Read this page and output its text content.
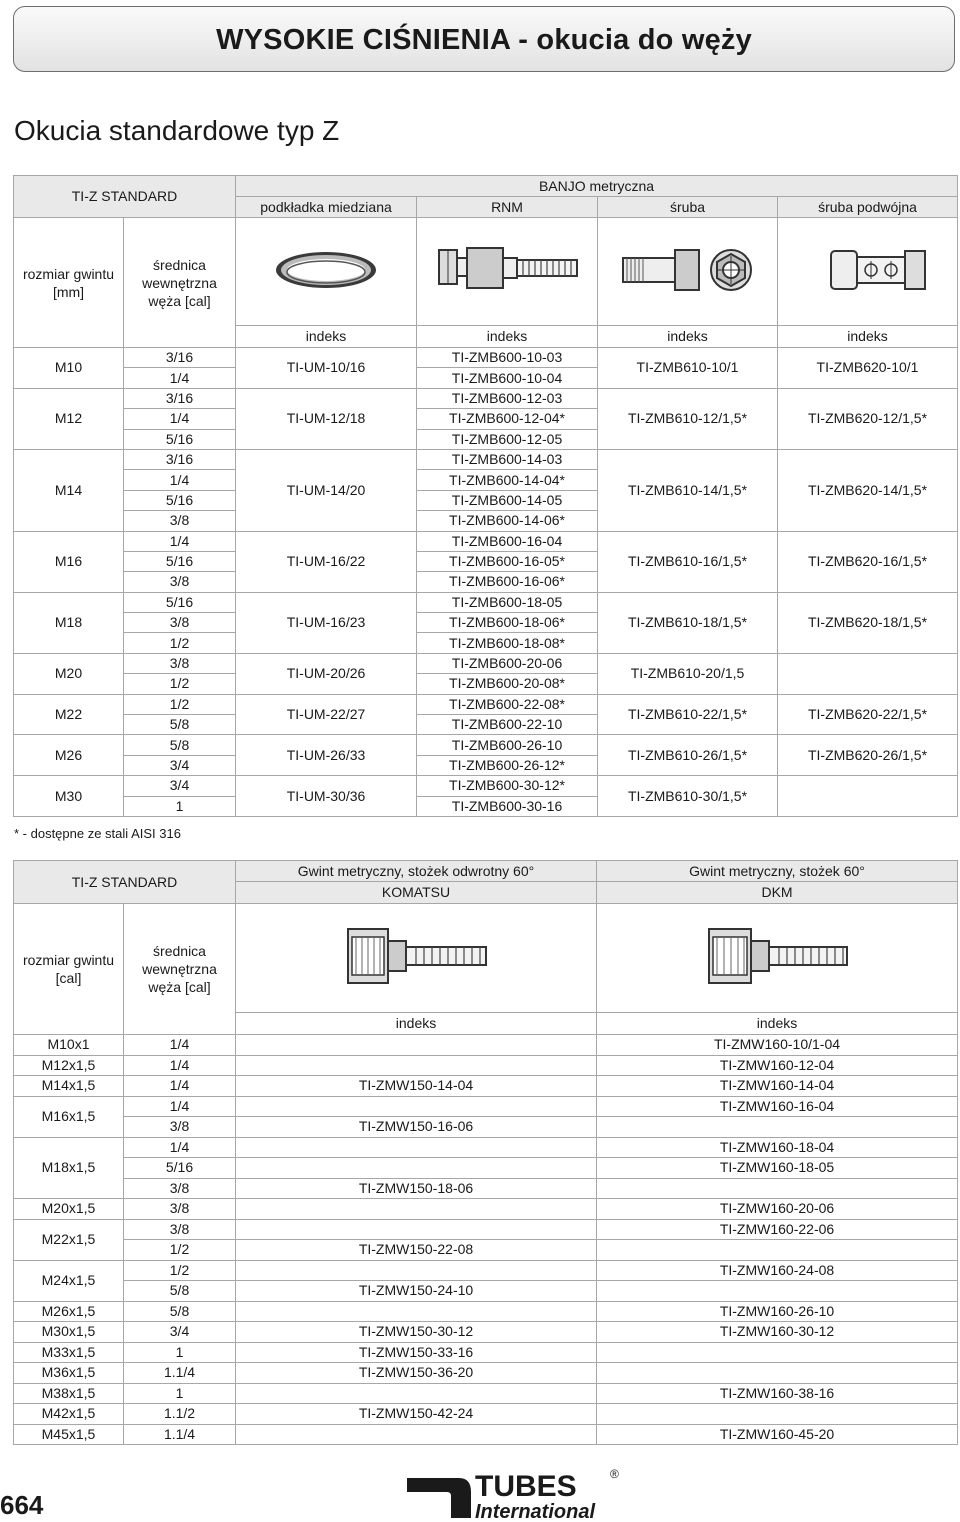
WYSOKIE CIŚNIENIA - okucia do węży
Okucia standardowe typ Z
TI-Z STANDARD		BANJO metryczna			
		podkładka miedziana	RNM	śruba	śruba podwójna
rozmiar gwintu [mm]	średnica wewnętrzna węża [cal]				
		indeks	indeks	indeks	indeks
M10	3/16	TI-UM-10/16	TI-ZMB600-10-03	TI-ZMB610-10/1	TI-ZMB620-10/1
	1/4		TI-ZMB600-10-04		
M12	3/16	TI-UM-12/18	TI-ZMB600-12-03	TI-ZMB610-12/1,5*	TI-ZMB620-12/1,5*
	1/4		TI-ZMB600-12-04*		
	5/16		TI-ZMB600-12-05		
M14	3/16	TI-UM-14/20	TI-ZMB600-14-03	TI-ZMB610-14/1,5*	TI-ZMB620-14/1,5*
	1/4		TI-ZMB600-14-04*		
	5/16		TI-ZMB600-14-05		
	3/8		TI-ZMB600-14-06*		
M16	1/4	TI-UM-16/22	TI-ZMB600-16-04	TI-ZMB610-16/1,5*	TI-ZMB620-16/1,5*
	5/16		TI-ZMB600-16-05*		
	3/8		TI-ZMB600-16-06*		
M18	5/16	TI-UM-16/23	TI-ZMB600-18-05	TI-ZMB610-18/1,5*	TI-ZMB620-18/1,5*
	3/8		TI-ZMB600-18-06*		
	1/2		TI-ZMB600-18-08*		
M20	3/8	TI-UM-20/26	TI-ZMB600-20-06	TI-ZMB610-20/1,5	
	1/2		TI-ZMB600-20-08*		
M22	1/2	TI-UM-22/27	TI-ZMB600-22-08*	TI-ZMB610-22/1,5*	TI-ZMB620-22/1,5*
	5/8		TI-ZMB600-22-10		
M26	5/8	TI-UM-26/33	TI-ZMB600-26-10	TI-ZMB610-26/1,5*	TI-ZMB620-26/1,5*
	3/4		TI-ZMB600-26-12*		
M30	3/4	TI-UM-30/36	TI-ZMB600-30-12*	TI-ZMB610-30/1,5*	
	1		TI-ZMB600-30-16		
* - dostępne ze stali AISI 316
TI-Z STANDARD		Gwint metryczny, stożek odwrotny 60°	Gwint metryczny, stożek 60°
		KOMATSU	DKM
rozmiar gwintu [cal]	średnica wewnętrzna węża [cal]		
		indeks	indeks
M10x1	1/4		TI-ZMW160-10/1-04
M12x1,5	1/4		TI-ZMW160-12-04
M14x1,5	1/4	TI-ZMW150-14-04	TI-ZMW160-14-04
M16x1,5	1/4		TI-ZMW160-16-04
	3/8	TI-ZMW150-16-06	
M18x1,5	1/4		TI-ZMW160-18-04
	5/16		TI-ZMW160-18-05
	3/8	TI-ZMW150-18-06	
M20x1,5	3/8		TI-ZMW160-20-06
M22x1,5	3/8		TI-ZMW160-22-06
	1/2	TI-ZMW150-22-08	
M24x1,5	1/2		TI-ZMW160-24-08
	5/8	TI-ZMW150-24-10	
M26x1,5	5/8		TI-ZMW160-26-10
M30x1,5	3/4	TI-ZMW150-30-12	TI-ZMW160-30-12
M33x1,5	1	TI-ZMW150-33-16	
M36x1,5	1.1/4	TI-ZMW150-36-20	
M38x1,5	1		TI-ZMW160-38-16
M42x1,5	1.1/2	TI-ZMW150-42-24	
M45x1,5	1.1/4		TI-ZMW160-45-20
664
TUBES
International
®
